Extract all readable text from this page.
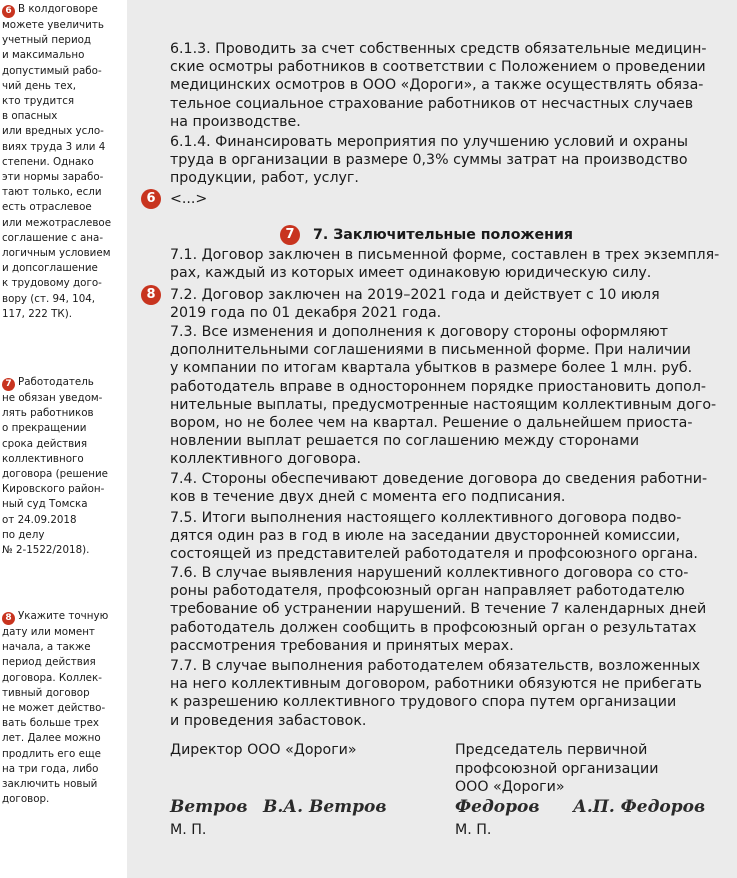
6 В колдоговоре
можете увеличить
учетный период
и максимально
допустимый рабо-
чий день тех,
кто трудится
в опасных
или вредных усло-
виях труда 3 или 4
степени. Однако
эти нормы зарабо-
тают только, если
есть отраслевое
или межотраслевое
соглашение с ана-
логичным условием
и допсоглашение
к трудовому дого-
вору (ст. 94, 104,
117, 222 ТК).
7 Работодатель
не обязан уведом-
лять работников
о прекращении
срока действия
коллективного
договора (решение
Кировского район-
ный суд Томска
от 24.09.2018
по делу
№ 2-1522/2018).
8 Укажите точную
дату или момент
начала, а также
период действия
договора. Коллек-
тивный договор
не может действо-
вать больше трех
лет. Далее можно
продлить его еще
на три года, либо
заключить новый
договор.
6.1.3. Проводить за счет собственных средств обязательные медицин-
ские осмотры работников в соответствии с Положением о проведении
медицинских осмотров в ООО «Дороги», а также осуществлять обяза-
тельное социальное страхование работников от несчастных случаев
на производстве.
6.1.4. Финансировать мероприятия по улучшению условий и охраны
труда в организации в размере 0,3% суммы затрат на производство
продукции, работ, услуг.
6	<...>
7	7. Заключительные положения
7.1. Договор заключен в письменной форме, составлен в трех экземпля-
рах, каждый из которых имеет одинаковую юридическую силу.
8	7.2. Договор заключен на 2019–2021 года и действует с 10 июля
2019 года по 01 декабря 2021 года.
7.3. Все изменения и дополнения к договору стороны оформляют
дополнительными соглашениями в письменной форме. При наличии
у компании по итогам квартала убытков в размере более 1 млн. руб.
работодатель вправе в одностороннем порядке приостановить допол-
нительные выплаты, предусмотренные настоящим коллективным дого-
вором, но не более чем на квартал. Решение о дальнейшем приоста-
новлении выплат решается по соглашению между сторонами
коллективного договора.
7.4. Стороны обеспечивают доведение договора до сведения работни-
ков в течение двух дней с момента его подписания.
7.5. Итоги выполнения настоящего коллективного договора подво-
дятся один раз в год в июле на заседании двусторонней комиссии,
состоящей из представителей работодателя и профсоюзного органа.
7.6. В случае выявления нарушений коллективного договора со сто-
роны работодателя, профсоюзный орган направляет работодателю
требование об устранении нарушений. В течение 7 календарных дней
работодатель должен сообщить в профсоюзный орган о результатах
рассмотрения требования и принятых мерах.
7.7. В случае выполнения работодателем обязательств, возложенных
на него коллективным договором, работники обязуются не прибегать
к разрешению коллективного трудового спора путем организации
и проведения забастовок.
Директор ООО «Дороги»	Председатель первичной
профсоюзной организации
ООО «Дороги»
Ветров В.А. Ветров	Федоров А.П. Федоров
М. П.	М. П.
